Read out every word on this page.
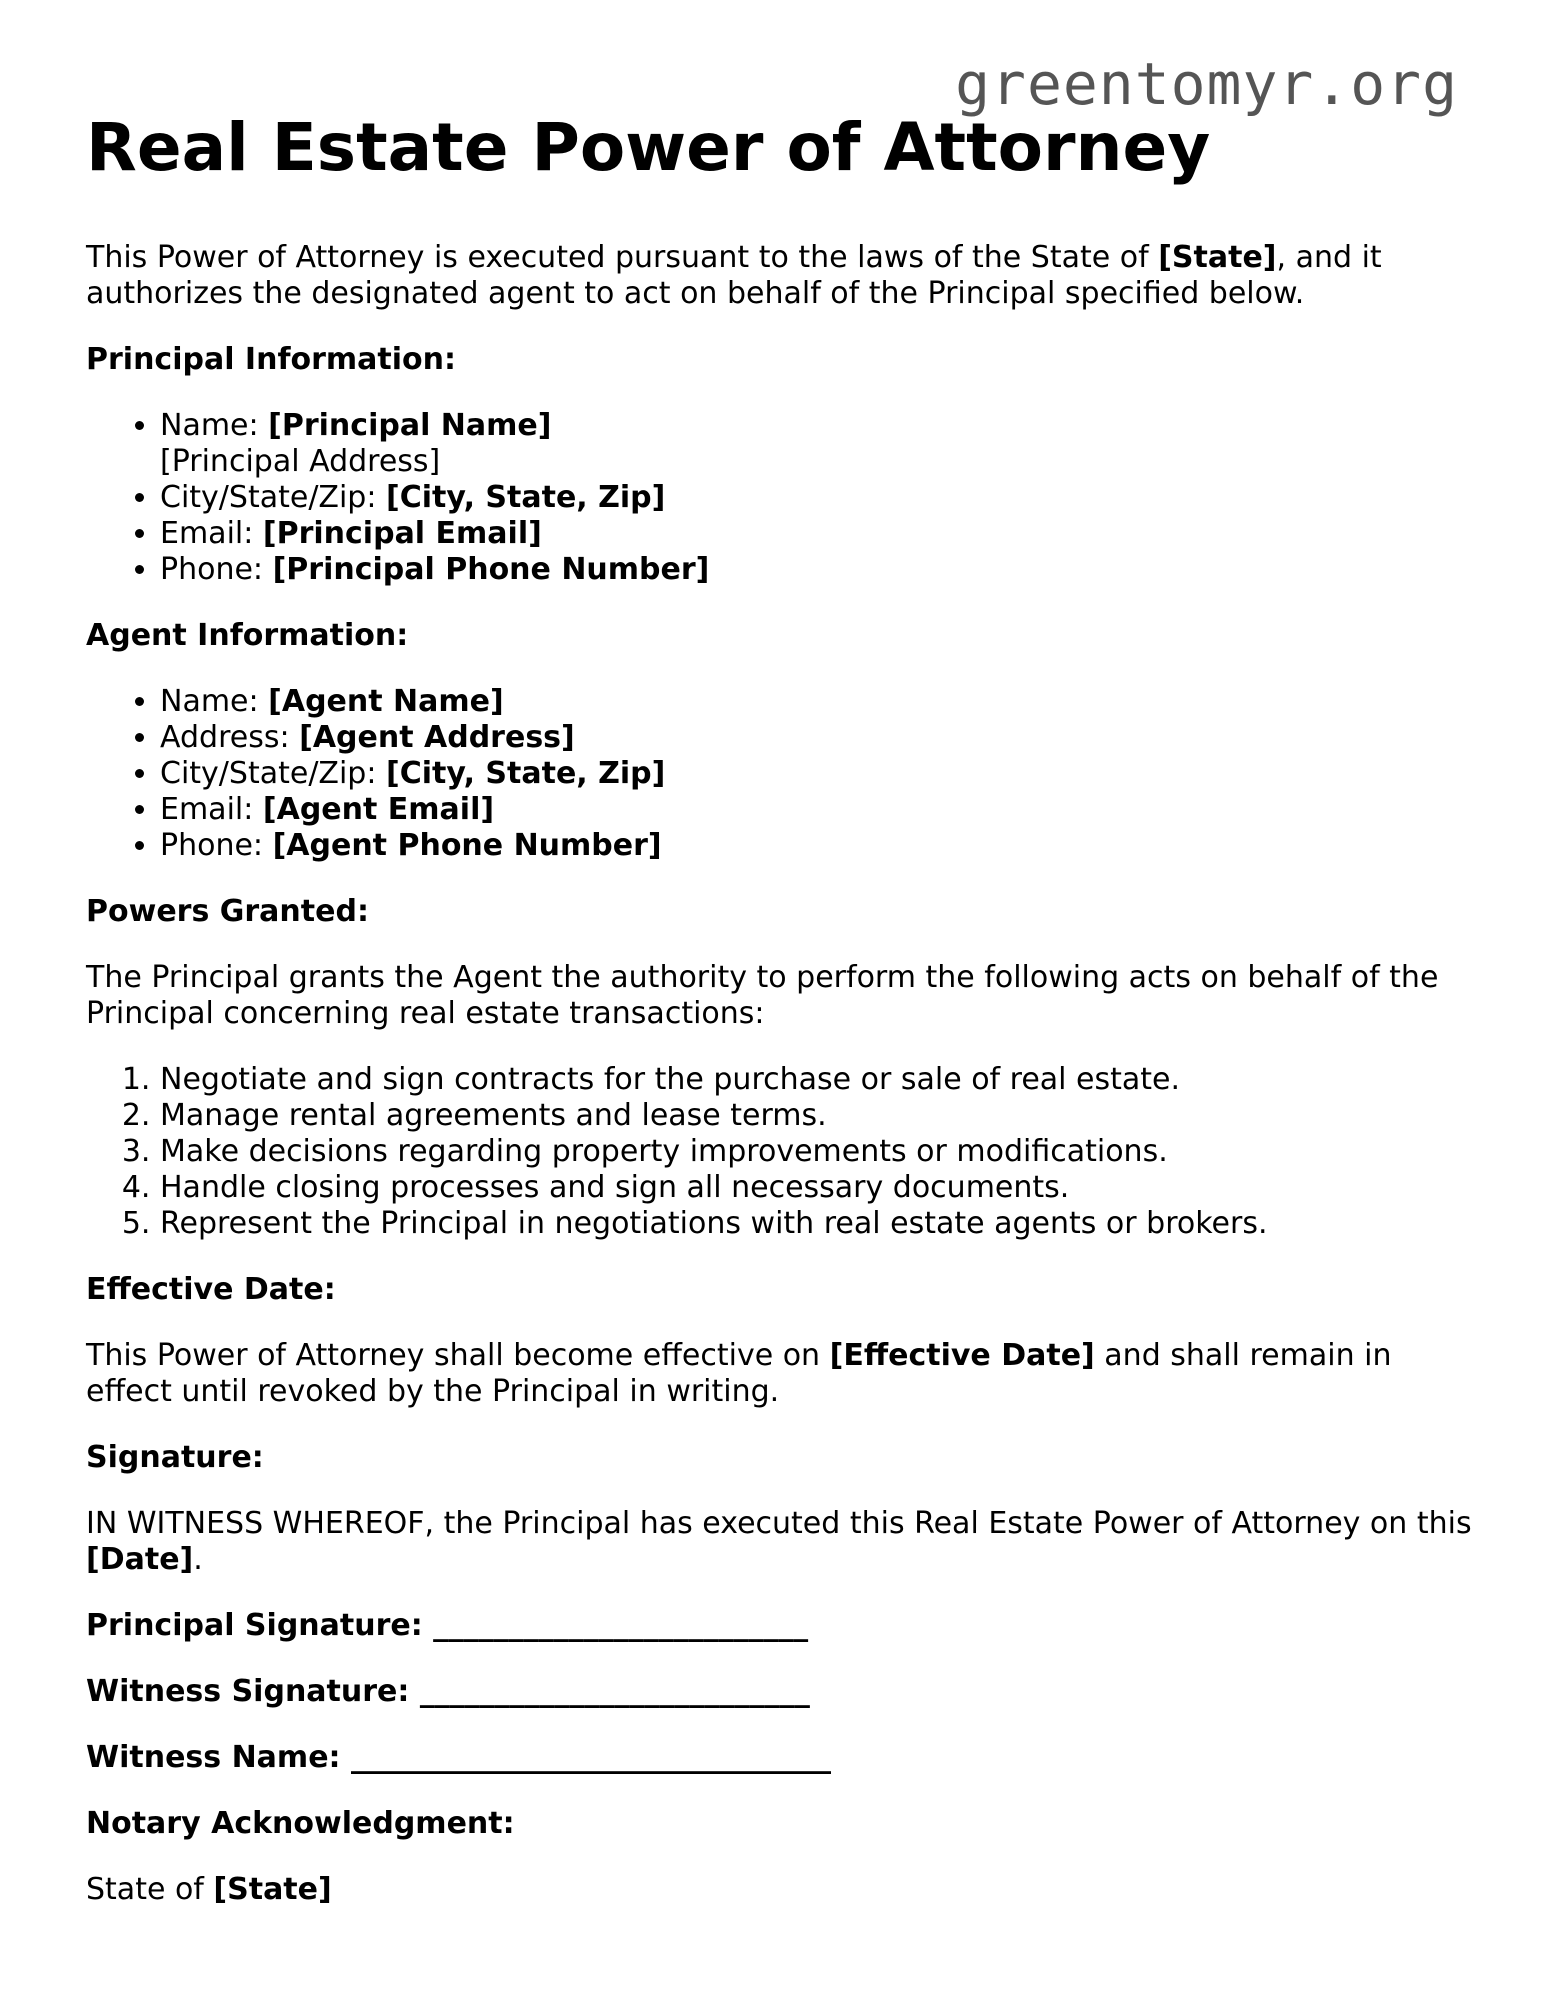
greentomyr.org
Real Estate Power of Attorney

This Power of Attorney is executed pursuant to the laws of the State of [State], and it authorizes the designated agent to act on behalf of the Principal specified below.

Principal Information:

• Name: [Principal Name]
[Principal Address]
• City/State/Zip: [City, State, Zip]
• Email: [Principal Email]
• Phone: [Principal Phone Number]

Agent Information:

• Name: [Agent Name]
• Address: [Agent Address]
• City/State/Zip: [City, State, Zip]
• Email: [Agent Email]
• Phone: [Agent Phone Number]

Powers Granted:

The Principal grants the Agent the authority to perform the following acts on behalf of the Principal concerning real estate transactions:

1. Negotiate and sign contracts for the purchase or sale of real estate.
2. Manage rental agreements and lease terms.
3. Make decisions regarding property improvements or modifications.
4. Handle closing processes and sign all necessary documents.
5. Represent the Principal in negotiations with real estate agents or brokers.

Effective Date:

This Power of Attorney shall become effective on [Effective Date] and shall remain in effect until revoked by the Principal in writing.

Signature:

IN WITNESS WHEREOF, the Principal has executed this Real Estate Power of Attorney on this [Date].

Principal Signature: _________________________

Witness Signature: __________________________

Witness Name: ________________________________

Notary Acknowledgment:

State of [State]
